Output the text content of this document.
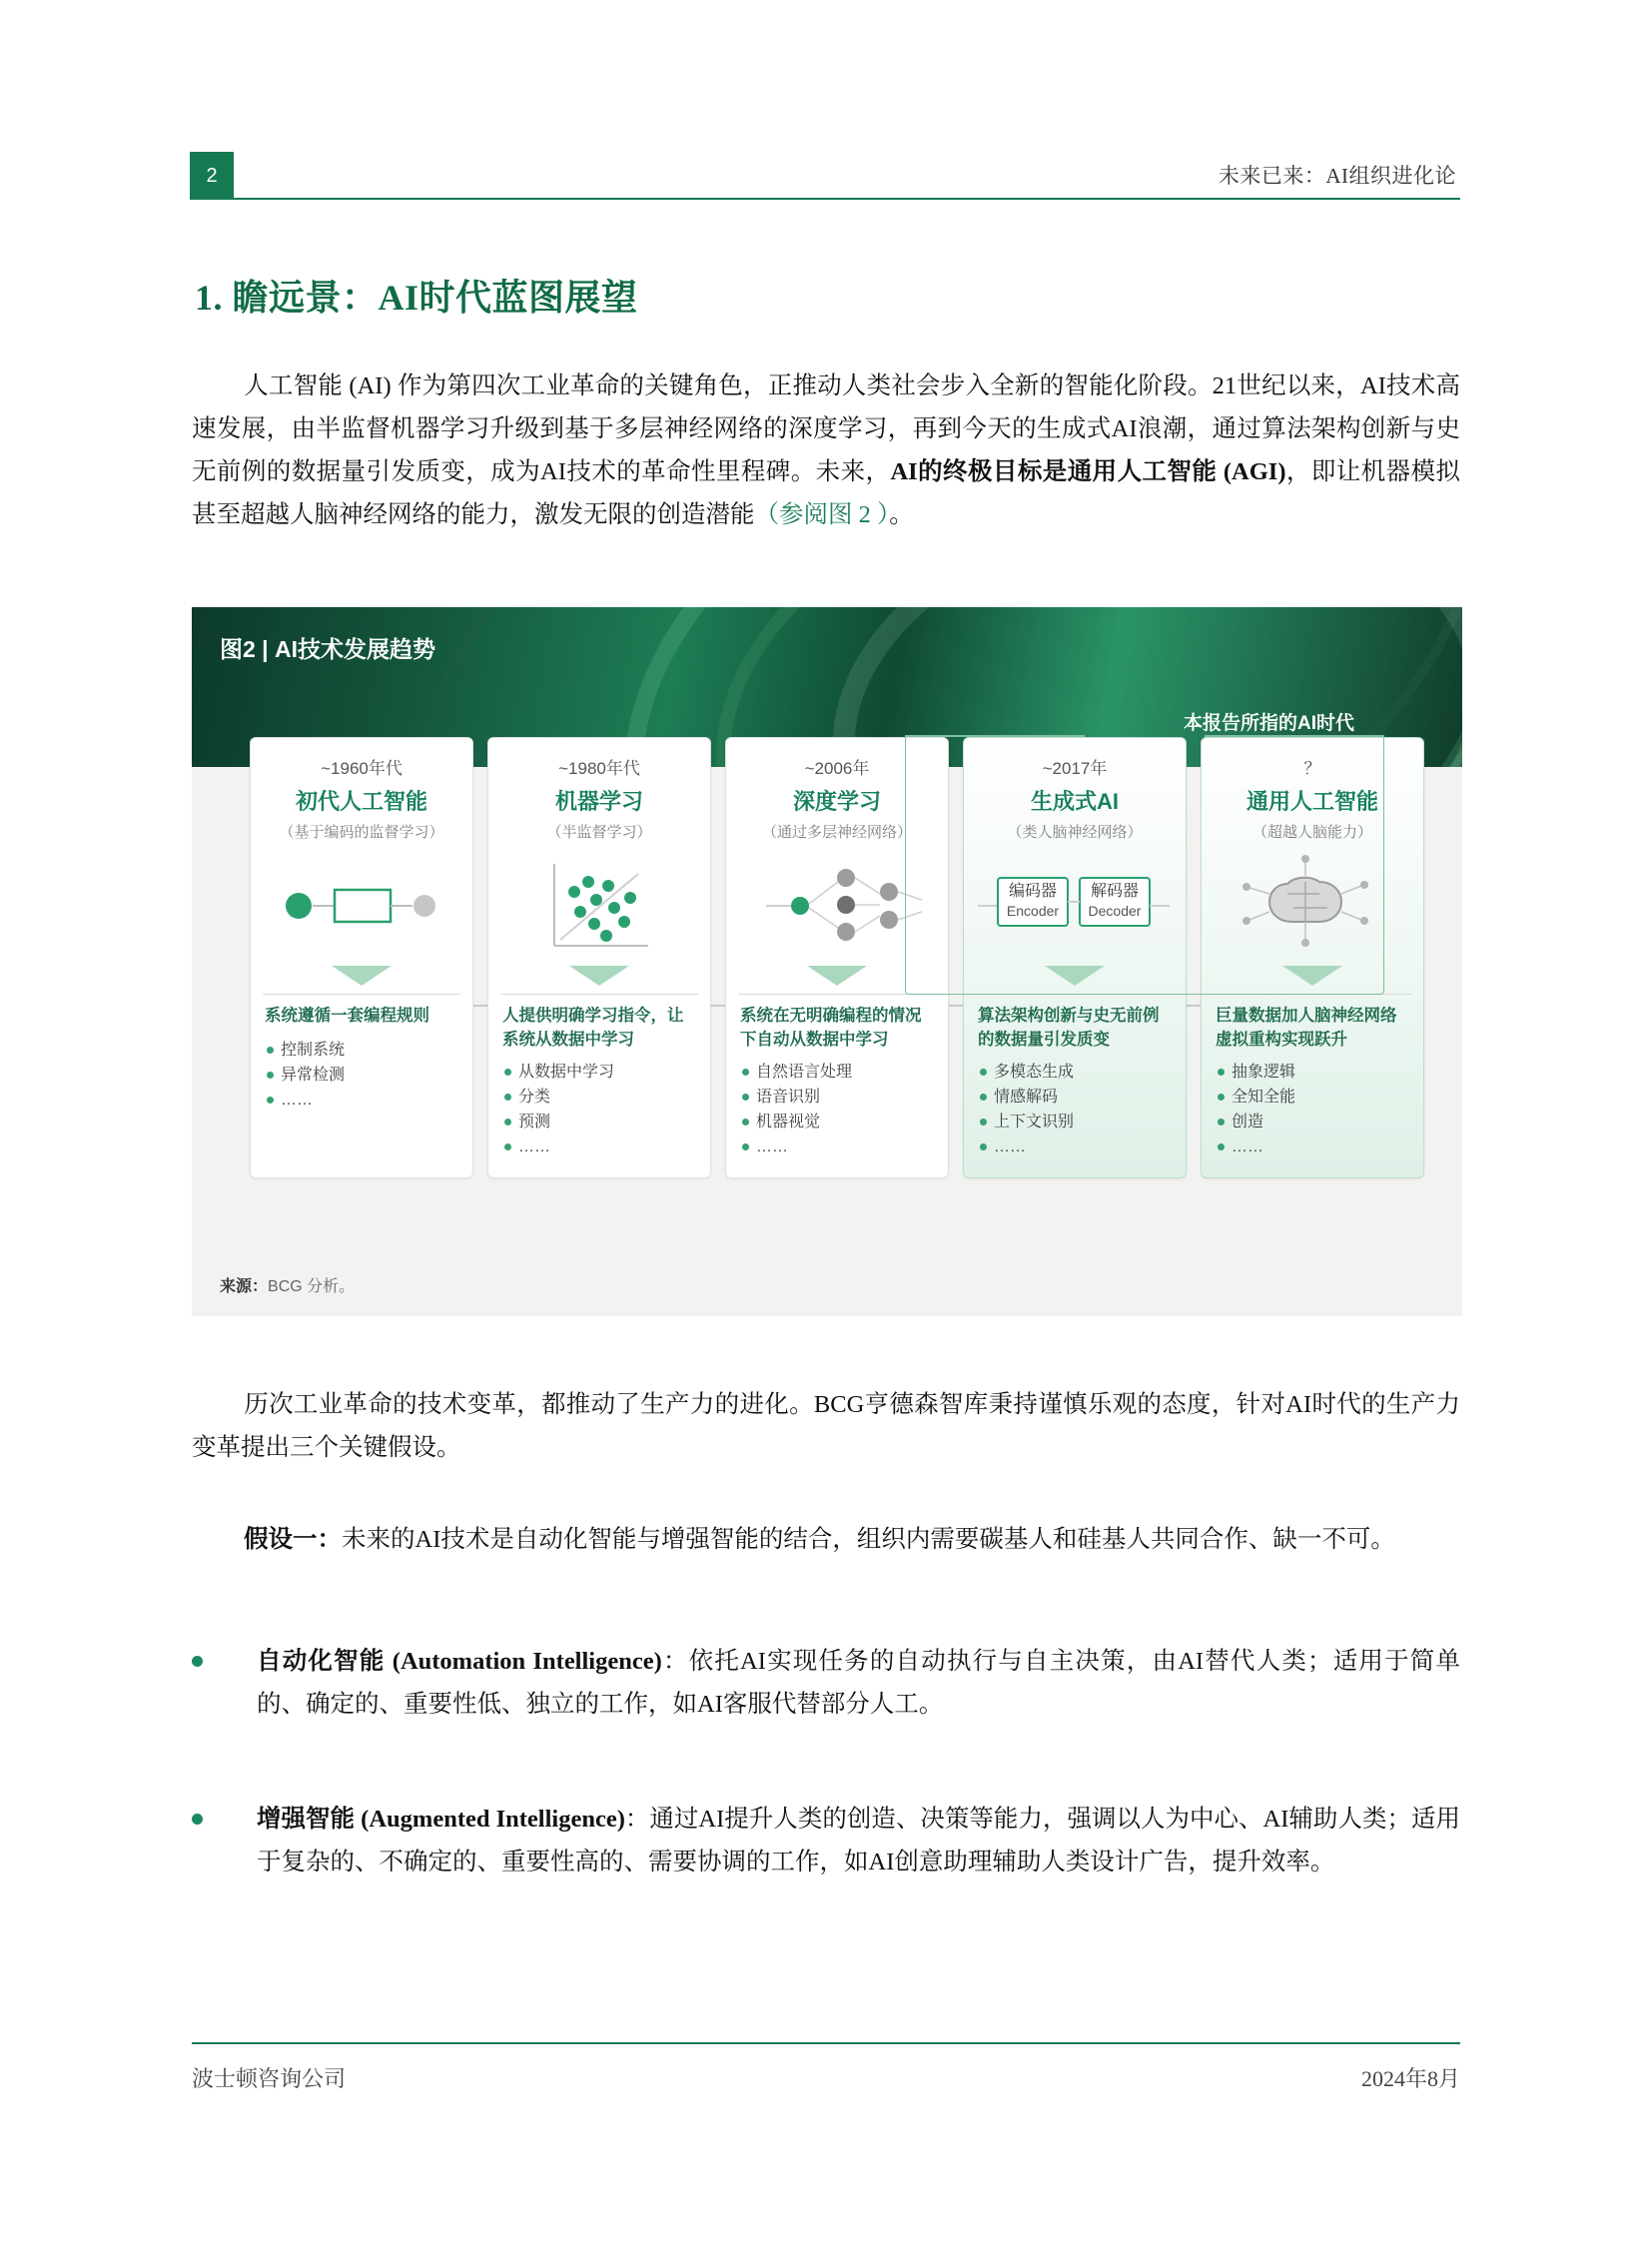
2	未来已来：AI组织进化论
1. 瞻远景：AI时代蓝图展望
人工智能 (AI) 作为第四次工业革命的关键角色，正推动人类社会步入全新的智能化阶段。21世纪以来，AI技术高速发展，由半监督机器学习升级到基于多层神经网络的深度学习，再到今天的生成式AI浪潮，通过算法架构创新与史无前例的数据量引发质变，成为AI技术的革命性里程碑。未来，AI的终极目标是通用人工智能 (AGI)，即让机器模拟甚至超越人脑神经网络的能力，激发无限的创造潜能（参阅图 2 ）。
图2 | AI技术发展趋势
本报告所指的AI时代
~1960年代
初代人工智能
（基于编码的监督学习）
系统遵循一套编程规则
控制系统
异常检测
……
~1980年代
机器学习
（半监督学习）
人提供明确学习指令，让系统从数据中学习
从数据中学习
分类
预测
……
~2006年
深度学习
（通过多层神经网络）
系统在无明确编程的情况下自动从数据中学习
自然语言处理
语音识别
机器视觉
……
~2017年
生成式AI
（类人脑神经网络）
编码器
Encoder
解码器
Decoder
算法架构创新与史无前例的数据量引发质变
多模态生成
情感解码
上下文识别
……
？
通用人工智能
（超越人脑能力）
巨量数据加人脑神经网络虚拟重构实现跃升
抽象逻辑
全知全能
创造
……
来源：BCG 分析。
历次工业革命的技术变革，都推动了生产力的进化。BCG亨德森智库秉持谨慎乐观的态度，针对AI时代的生产力变革提出三个关键假设。
假设一：未来的AI技术是自动化智能与增强智能的结合，组织内需要碳基人和硅基人共同合作、缺一不可。
自动化智能 (Automation Intelligence)：依托AI实现任务的自动执行与自主决策，由AI替代人类；适用于简单的、确定的、重要性低、独立的工作，如AI客服代替部分人工。
增强智能 (Augmented Intelligence)：通过AI提升人类的创造、决策等能力，强调以人为中心、AI辅助人类；适用于复杂的、不确定的、重要性高的、需要协调的工作，如AI创意助理辅助人类设计广告，提升效率。
波士顿咨询公司	2024年8月
